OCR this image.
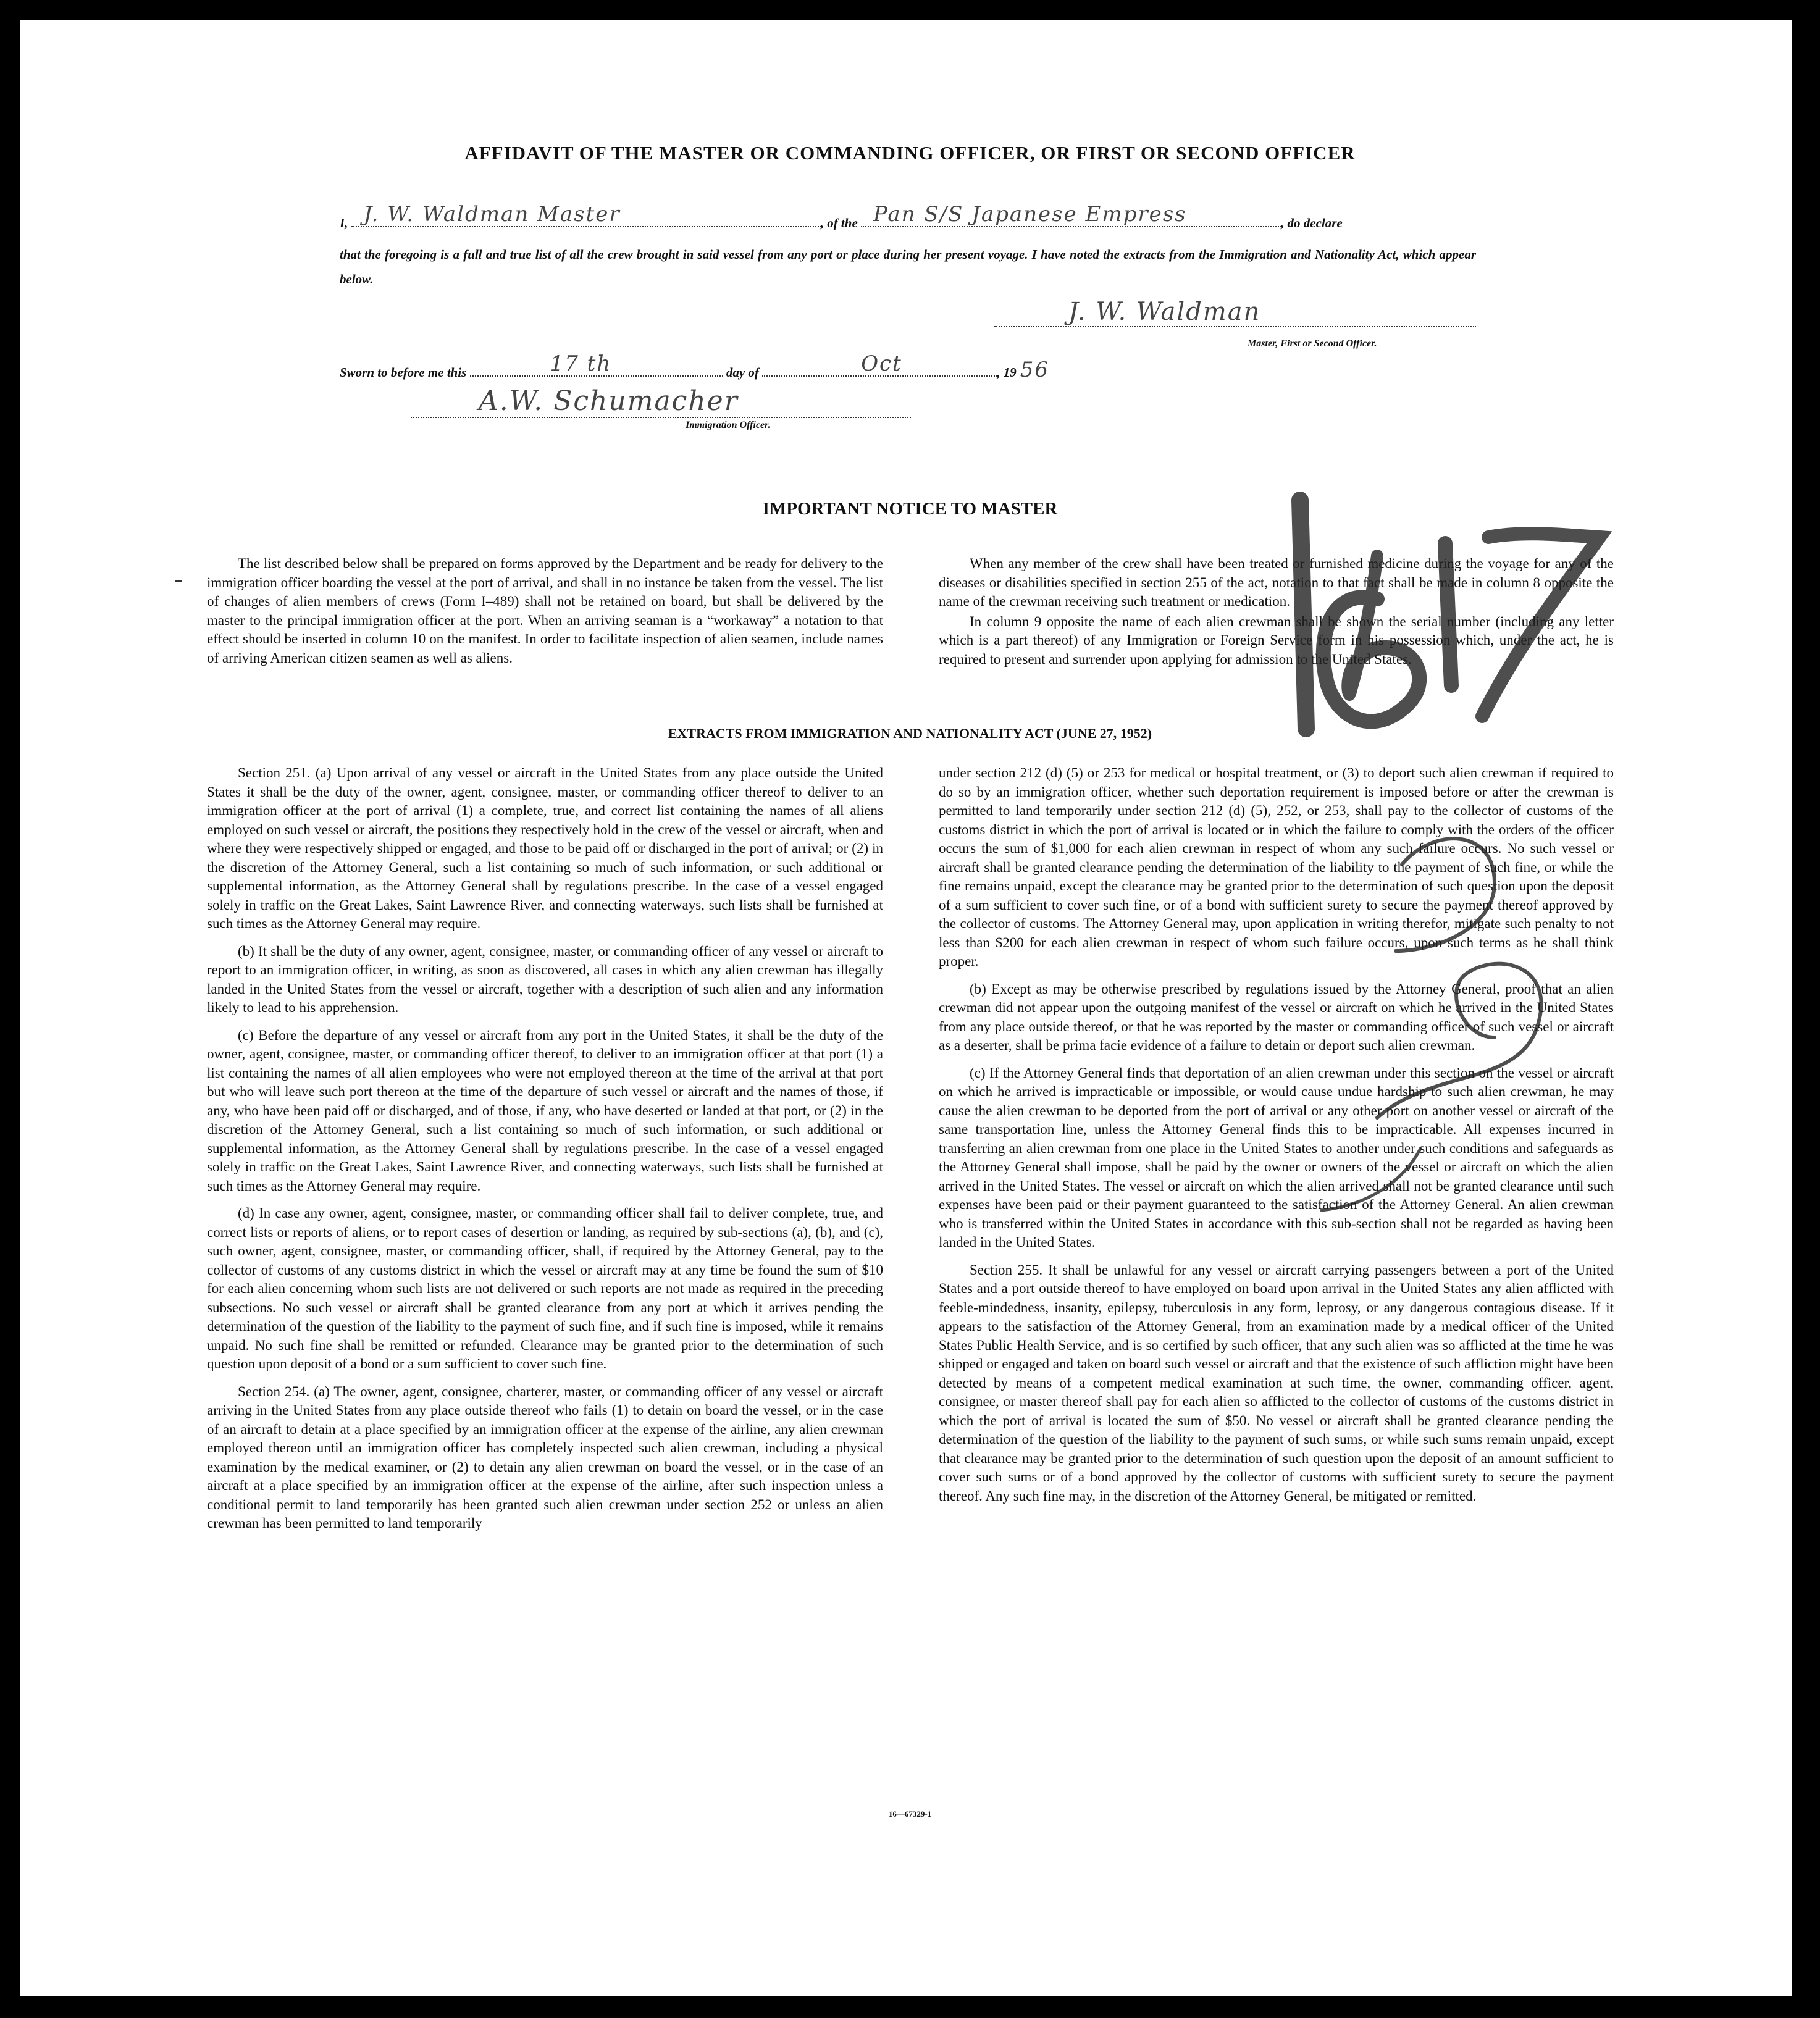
AFFIDAVIT OF THE MASTER OR COMMANDING OFFICER, OR FIRST OR SECOND OFFICER
I, J. W. Waldman Master	, of the Pan S/S Japanese Empress	, do declare
that the foregoing is a full and true list of all the crew brought in said vessel from any port or place during her present voyage. I have noted the extracts from the Immigration and Nationality Act, which appear below.
J. W. Waldman
Master, First or Second Officer.
Sworn to before me this	17 th	day of	Oct	, 19 56
A.W. Schumacher
Immigration Officer.
IMPORTANT NOTICE TO MASTER

The list described below shall be prepared on forms approved by the Department and be ready for delivery to the immigration officer boarding the vessel at the port of arrival, and shall in no instance be taken from the vessel. The list of changes of alien members of crews (Form I–489) shall not be retained on board, but shall be delivered by the master to the principal immigration officer at the port. When an arriving seaman is a “workaway” a notation to that effect should be inserted in column 10 on the manifest. In order to facilitate inspection of alien seamen, include names of arriving American citizen seamen as well as aliens.

When any member of the crew shall have been treated or furnished medicine during the voyage for any of the diseases or disabilities specified in section 255 of the act, notation to that fact shall be made in column 8 opposite the name of the crewman receiving such treatment or medication.

In column 9 opposite the name of each alien crewman shall be shown the serial number (including any letter which is a part thereof) of any Immigration or Foreign Service form in his possession which, under the act, he is required to present and surrender upon applying for admission to the United States.

EXTRACTS FROM IMMIGRATION AND NATIONALITY ACT (JUNE 27, 1952)

Section 251. (a) Upon arrival of any vessel or aircraft in the United States from any place outside the United States it shall be the duty of the owner, agent, consignee, master, or commanding officer thereof to deliver to an immigration officer at the port of arrival (1) a complete, true, and correct list containing the names of all aliens employed on such vessel or aircraft, the positions they respectively hold in the crew of the vessel or aircraft, when and where they were respectively shipped or engaged, and those to be paid off or discharged in the port of arrival; or (2) in the discretion of the Attorney General, such a list containing so much of such information, or such additional or supplemental information, as the Attorney General shall by regulations prescribe. In the case of a vessel engaged solely in traffic on the Great Lakes, Saint Lawrence River, and connecting waterways, such lists shall be furnished at such times as the Attorney General may require.

(b) It shall be the duty of any owner, agent, consignee, master, or commanding officer of any vessel or aircraft to report to an immigration officer, in writing, as soon as discovered, all cases in which any alien crewman has illegally landed in the United States from the vessel or aircraft, together with a description of such alien and any information likely to lead to his apprehension.

(c) Before the departure of any vessel or aircraft from any port in the United States, it shall be the duty of the owner, agent, consignee, master, or commanding officer thereof, to deliver to an immigration officer at that port (1) a list containing the names of all alien employees who were not employed thereon at the time of the arrival at that port but who will leave such port thereon at the time of the departure of such vessel or aircraft and the names of those, if any, who have been paid off or discharged, and of those, if any, who have deserted or landed at that port, or (2) in the discretion of the Attorney General, such a list containing so much of such information, or such additional or supplemental information, as the Attorney General shall by regulations prescribe. In the case of a vessel engaged solely in traffic on the Great Lakes, Saint Lawrence River, and connecting waterways, such lists shall be furnished at such times as the Attorney General may require.

(d) In case any owner, agent, consignee, master, or commanding officer shall fail to deliver complete, true, and correct lists or reports of aliens, or to report cases of desertion or landing, as required by sub-sections (a), (b), and (c), such owner, agent, consignee, master, or commanding officer, shall, if required by the Attorney General, pay to the collector of customs of any customs district in which the vessel or aircraft may at any time be found the sum of $10 for each alien concerning whom such lists are not delivered or such reports are not made as required in the preceding subsections. No such vessel or aircraft shall be granted clearance from any port at which it arrives pending the determination of the question of the liability to the payment of such fine, and if such fine is imposed, while it remains unpaid. No such fine shall be remitted or refunded. Clearance may be granted prior to the determination of such question upon deposit of a bond or a sum sufficient to cover such fine.

Section 254. (a) The owner, agent, consignee, charterer, master, or commanding officer of any vessel or aircraft arriving in the United States from any place outside thereof who fails (1) to detain on board the vessel, or in the case of an aircraft to detain at a place specified by an immigration officer at the expense of the airline, any alien crewman employed thereon until an immigration officer has completely inspected such alien crewman, including a physical examination by the medical examiner, or (2) to detain any alien crewman on board the vessel, or in the case of an aircraft at a place specified by an immigration officer at the expense of the airline, after such inspection unless a conditional permit to land temporarily has been granted such alien crewman under section 252 or unless an alien crewman has been permitted to land temporarily

under section 212 (d) (5) or 253 for medical or hospital treatment, or (3) to deport such alien crewman if required to do so by an immigration officer, whether such deportation requirement is imposed before or after the crewman is permitted to land temporarily under section 212 (d) (5), 252, or 253, shall pay to the collector of customs of the customs district in which the port of arrival is located or in which the failure to comply with the orders of the officer occurs the sum of $1,000 for each alien crewman in respect of whom any such failure occurs. No such vessel or aircraft shall be granted clearance pending the determination of the liability to the payment of such fine, or while the fine remains unpaid, except the clearance may be granted prior to the determination of such question upon the deposit of a sum sufficient to cover such fine, or of a bond with sufficient surety to secure the payment thereof approved by the collector of customs. The Attorney General may, upon application in writing therefor, mitigate such penalty to not less than $200 for each alien crewman in respect of whom such failure occurs, upon such terms as he shall think proper.

(b) Except as may be otherwise prescribed by regulations issued by the Attorney General, proof that an alien crewman did not appear upon the outgoing manifest of the vessel or aircraft on which he arrived in the United States from any place outside thereof, or that he was reported by the master or commanding officer of such vessel or aircraft as a deserter, shall be prima facie evidence of a failure to detain or deport such alien crewman.

(c) If the Attorney General finds that deportation of an alien crewman under this section on the vessel or aircraft on which he arrived is impracticable or impossible, or would cause undue hardship to such alien crewman, he may cause the alien crewman to be deported from the port of arrival or any other port on another vessel or aircraft of the same transportation line, unless the Attorney General finds this to be impracticable. All expenses incurred in transferring an alien crewman from one place in the United States to another under such conditions and safeguards as the Attorney General shall impose, shall be paid by the owner or owners of the vessel or aircraft on which the alien arrived in the United States. The vessel or aircraft on which the alien arrived shall not be granted clearance until such expenses have been paid or their payment guaranteed to the satisfaction of the Attorney General. An alien crewman who is transferred within the United States in accordance with this sub-section shall not be regarded as having been landed in the United States.

Section 255. It shall be unlawful for any vessel or aircraft carrying passengers between a port of the United States and a port outside thereof to have employed on board upon arrival in the United States any alien afflicted with feeble-mindedness, insanity, epilepsy, tuberculosis in any form, leprosy, or any dangerous contagious disease. If it appears to the satisfaction of the Attorney General, from an examination made by a medical officer of the United States Public Health Service, and is so certified by such officer, that any such alien was so afflicted at the time he was shipped or engaged and taken on board such vessel or aircraft and that the existence of such affliction might have been detected by means of a competent medical examination at such time, the owner, commanding officer, agent, consignee, or master thereof shall pay for each alien so afflicted to the collector of customs of the customs district in which the port of arrival is located the sum of $50. No vessel or aircraft shall be granted clearance pending the determination of the question of the liability to the payment of such sums, or while such sums remain unpaid, except that clearance may be granted prior to the determination of such question upon the deposit of an amount sufficient to cover such sums or of a bond approved by the collector of customs with sufficient surety to secure the payment thereof. Any such fine may, in the discretion of the Attorney General, be mitigated or remitted.

16—67329-1
